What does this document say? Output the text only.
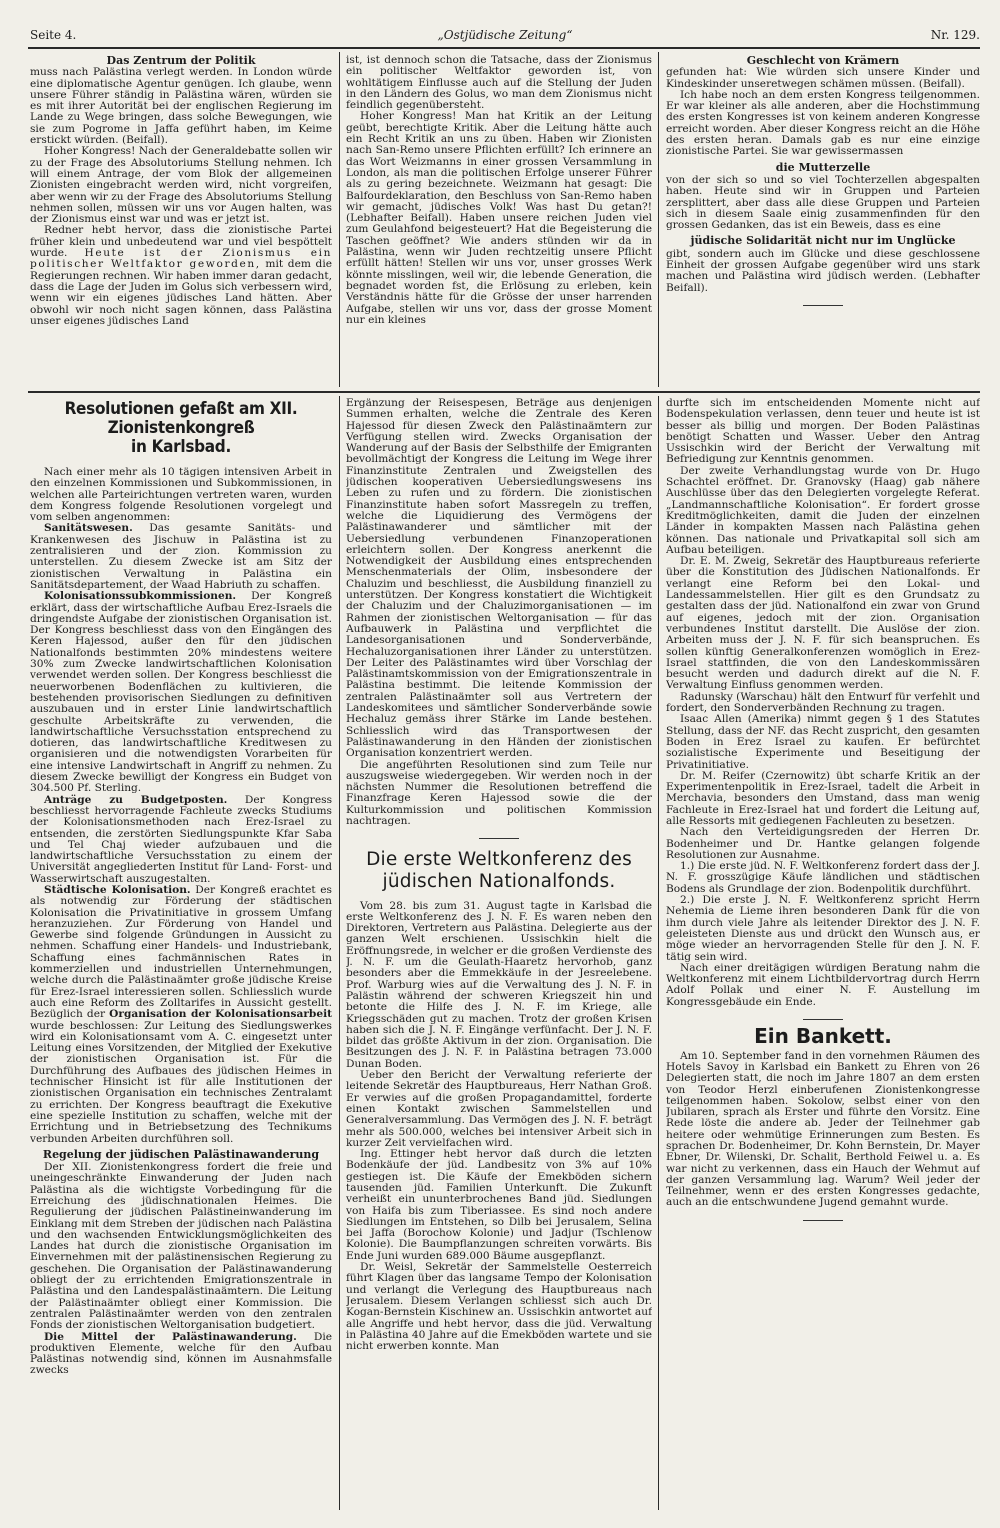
Seite 4.	„Ostjüdische Zeitung“	Nr. 129.
Das Zentrum der Politik

muss nach Palästina verlegt werden. In London würde eine diplomatische Agentur genügen. Ich glaube, wenn unsere Führer ständig in Palästina wären, würden sie es mit ihrer Autorität bei der englischen Regierung im Lande zu Wege bringen, dass solche Bewegungen, wie sie zum Pogrome in Jaffa geführt haben, im Keime erstickt würden. (Beifall).

Hoher Kongress! Nach der Generaldebatte sollen wir zu der Frage des Absolutoriums Stellung nehmen. Ich will einem Antrage, der vom Blok der allgemeinen Zionisten eingebracht werden wird, nicht vorgreifen, aber wenn wir zu der Frage des Absolutoriums Stellung nehmen sollen, müssen wir uns vor Augen halten, was der Zionismus einst war und was er jetzt ist.

Redner hebt hervor, dass die zionistische Partei früher klein und unbedeutend war und viel bespöttelt wurde. Heute ist der Zionismus ein politischer Weltfaktor geworden, mit dem die Regierungen rechnen. Wir haben immer daran gedacht, dass die Lage der Juden im Golus sich verbessern wird, wenn wir ein eigenes jüdisches Land hätten. Aber obwohl wir noch nicht sagen können, dass Palästina unser eigenes jüdisches Land

ist, ist dennoch schon die Tatsache, dass der Zionismus ein politischer Weltfaktor geworden ist, von wohltätigem Einflusse auch auf die Stellung der Juden in den Ländern des Golus, wo man dem Zionismus nicht feindlich gegenübersteht.

Hoher Kongress! Man hat Kritik an der Leitung geübt, berechtigte Kritik. Aber die Leitung hätte auch ein Recht Kritik an uns zu üben. Haben wir Zionisten nach San-Remo unsere Pflichten erfüllt? Ich erinnere an das Wort Weizmanns in einer grossen Versammlung in London, als man die politischen Erfolge unserer Führer als zu gering bezeichnete. Weizmann hat gesagt: Die Balfourdeklaration, den Beschluss von San-Remo haben wir gemacht, jüdisches Volk! Was hast Du getan?! (Lebhafter Beifall). Haben unsere reichen Juden viel zum Geulahfond beigesteuert? Hat die Begeisterung die Taschen geöffnet? Wie anders stünden wir da in Palästina, wenn wir Juden rechtzeitig unsere Pflicht erfüllt hätten! Stellen wir uns vor, unser grosses Werk könnte misslingen, weil wir, die lebende Generation, die begnadet worden fst, die Erlösung zu erleben, kein Verständnis hätte für die Grösse der unser harrenden Aufgabe, stellen wir uns vor, dass der grosse Moment nur ein kleines

Geschlecht von Krämern

gefunden hat: Wie würden sich unsere Kinder und Kindeskinder unseretwegen schämen müssen. (Beifall).

Ich habe noch an dem ersten Kongress teilgenommen. Er war kleiner als alle anderen, aber die Hochstimmung des ersten Kongresses ist von keinem anderen Kongresse erreicht worden. Aber dieser Kongress reicht an die Höhe des ersten heran. Damals gab es nur eine einzige zionistische Partei. Sie war gewissermassen

die Mutterzelle

von der sich so und so viel Tochterzellen abgespalten haben. Heute sind wir in Gruppen und Parteien zersplittert, aber dass alle diese Gruppen und Parteien sich in diesem Saale einig zusammenfinden für den grossen Gedanken, das ist ein Beweis, dass es eine

jüdische Solidarität nicht nur im Unglücke

gibt, sondern auch im Glücke und diese geschlossene Einheit der grossen Aufgabe gegenüber wird uns stark machen und Palästina wird jüdisch werden. (Lebhafter Beifall).

Resolutionen gefaßt am XII. Zionistenkongreß
in Karlsbad.

Nach einer mehr als 10 tägigen intensiven Arbeit in den einzelnen Kommissionen und Subkommissionen, in welchen alle Parteirichtungen vertreten waren, wurden dem Kongress folgende Resolutionen vorgelegt und vom selben angenommen:

Sanitätswesen. Das gesamte Sanitäts- und Krankenwesen des Jischuw in Palästina ist zu zentralisieren und der zion. Kommission zu unterstellen. Zu diesem Zwecke ist am Sitz der zionistischen Verwaltung in Palästina ein Sanitätsdepartement, der Waad Habriuth zu schaffen.

Kolonisationssubkommissionen. Der Kongreß erklärt, dass der wirtschaftliche Aufbau Erez-Israels die dringendste Aufgabe der zionistischen Organisation ist. Der Kongress beschliesst dass von den Eingängen des Keren Hajessod, außer den für den jüdischen Nationalfonds bestimmten 20% mindestens weitere 30% zum Zwecke landwirtschaftlichen Kolonisation verwendet werden sollen. Der Kongress beschliesst die neuerworbenen Bodenflächen zu kultivieren, die bestehenden provisorischen Siedlungen zu definitiven auszubauen und in erster Linie landwirtschaftlich geschulte Arbeitskräfte zu verwenden, die landwirtschaftliche Versuchsstation entsprechend zu dotieren, das landwirtschaftliche Kreditwesen zu organisieren und die notwendigsten Vorarbeiten für eine intensive Landwirtschaft in Angriff zu nehmen. Zu diesem Zwecke bewilligt der Kongress ein Budget von 304.500 Pf. Sterling.

Anträge zu Budgetposten. Der Kongress beschliesst hervorragende Fachleute zwecks Studiums der Kolonisationsmethoden nach Erez-Israel zu entsenden, die zerstörten Siedlungspunkte Kfar Saba und Tel Chaj wieder aufzubauen und die landwirtschaftliche Versuchsstation zu einem der Universität angegliederten Institut für Land- Forst- und Wasserwirtschaft auszugestalten.

Städtische Kolonisation. Der Kongreß erachtet es als notwendig zur Förderung der städtischen Kolonisation die Privatinitiative in grossem Umfang heranzuziehen. Zur Förderung von Handel und Gewerbe sind folgende Gründungen in Aussicht zu nehmen. Schaffung einer Handels- und Industriebank, Schaffung eines fachmännischen Rates in kommerziellen und industriellen Unternehmungen, welche durch die Palästinaämter große jüdische Kreise für Erez-Israel interessieren sollen. Schliesslich wurde auch eine Reform des Zolltarifes in Aussicht gestellt. Bezüglich der Organisation der Kolonisationsarbeit wurde beschlossen: Zur Leitung des Siedlungswerkes wird ein Kolonisationsamt vom A. C. eingesetzt unter Leitung eines Vorsitzenden, der Mitglied der Exekutive der zionistischen Organisation ist. Für die Durchführung des Aufbaues des jüdischen Heimes in technischer Hinsicht ist für alle Institutionen der zionistischen Organisation ein technisches Zentralamt zu errichten. Der Kongress beauftragt die Exekutive eine spezielle Institution zu schaffen, welche mit der Errichtung und in Betriebsetzung des Technikums verbunden Arbeiten durchführen soll.

Regelung der jüdischen Palästinawanderung

Der XII. Zionistenkongress fordert die freie und uneingeschränkte Einwanderung der Juden nach Palästina als die wichtigste Vorbedingung für die Erreichung des jüdischnationalen Heimes. Die Regulierung der jüdischen Palästineinwanderung im Einklang mit dem Streben der jüdischen nach Palästina und den wachsenden Entwicklungsmöglichkeiten des Landes hat durch die zionistische Organisation im Einvernehmen mit der palästinensischen Regierung zu geschehen. Die Organisation der Palästinawanderung obliegt der zu errichtenden Emigrationszentrale in Palästina und den Landespalästinaämtern. Die Leitung der Palästinaämter obliegt einer Kommission. Die zentralen Palästinaämter werden von den zentralen Fonds der zionistischen Weltorganisation budgetiert.

Die Mittel der Palästinawanderung. Die produktiven Elemente, welche für den Aufbau Palästinas notwendig sind, können im Ausnahmsfalle zwecks

Ergänzung der Reisespesen, Beträge aus denjenigen Summen erhalten, welche die Zentrale des Keren Hajessod für diesen Zweck den Palästinaämtern zur Verfügung stellen wird. Zwecks Organisation der Wanderung auf der Basis der Selbsthilfe der Emigranten bevollmächtigt der Kongress die Leitung im Wege ihrer Finanzinstitute Zentralen und Zweigstellen des jüdischen kooperativen Uebersiedlungswesens ins Leben zu rufen und zu fördern. Die zionistischen Finanzinstitute haben sofort Massregeln zu treffen, welche die Liquidierung des Vermögens der Palästinawanderer und sämtlicher mit der Uebersiedlung verbundenen Finanzoperationen erleichtern sollen. Der Kongress anerkennt die Notwendigkeit der Ausbildung eines entsprechenden Menschenmaterials der Olim, insbesondere der Chaluzim und beschliesst, die Ausbildung finanziell zu unterstützen. Der Kongress konstatiert die Wichtigkeit der Chaluzim und der Chaluzimorganisationen — im Rahmen der zionistischen Weltorganisation — für das Aufbauwerk in Palästina und verpflichtet die Landesorganisationen und Sonderverbände, Hechaluzorganisationen ihrer Länder zu unterstützen. Der Leiter des Palästinamtes wird über Vorschlag der Palästinamtskommission von der Emigrationszentrale in Palästina bestimmt. Die leitende Kommission der zentralen Palästinaämter soll aus Vertretern der Landeskomitees und sämtlicher Sonderverbände sowie Hechaluz gemäss ihrer Stärke im Lande bestehen. Schliesslich wird das Transportwesen der Palästinawanderung in den Händen der zionistischen Organisation konzentriert werden.

Die angeführten Resolutionen sind zum Teile nur auszugsweise wiedergegeben. Wir werden noch in der nächsten Nummer die Resolutionen betreffend die Finanzfrage Keren Hajessod sowie die der Kulturkommission und politischen Kommission nachtragen.

Die erste Weltkonferenz des
jüdischen Nationalfonds.

Vom 28. bis zum 31. August tagte in Karlsbad die erste Weltkonferenz des J. N. F. Es waren neben den Direktoren, Vertretern aus Palästina. Delegierte aus der ganzen Welt erschienen. Ussischkin hielt die Eröffnungsrede, in welcher er die großen Verdienste des J. N. F. um die Geulath-Haaretz hervorhob, ganz besonders aber die Emmekkäufe in der Jesreelebene. Prof. Warburg wies auf die Verwaltung des J. N. F. in Palästin während der schweren Kriegszeit hin und betonte die Hilfe des J. N. F. im Kriege, alle Kriegsschäden gut zu machen. Trotz der großen Krisen haben sich die J. N. F. Eingänge verfünfacht. Der J. N. F. bildet das größte Aktivum in der zion. Organisation. Die Besitzungen des J. N. F. in Palästina betragen 73.000 Dunan Boden.

Ueber den Bericht der Verwaltung referierte der leitende Sekretär des Hauptbureaus, Herr Nathan Groß. Er verwies auf die großen Propagandamittel, forderte einen Kontakt zwischen Sammelstellen und Generalversammlung. Das Vermögen des J. N. F. beträgt mehr als 500.000, welches bei intensiver Arbeit sich in kurzer Zeit vervielfachen wird.

Ing. Ettinger hebt hervor daß durch die letzten Bodenkäufe der jüd. Landbesitz von 3% auf 10% gestiegen ist. Die Käufe der Emekböden sichern tausenden jüd. Familien Unterkunft. Die Zukunft verheißt ein ununterbrochenes Band jüd. Siedlungen von Haifa bis zum Tiberiassee. Es sind noch andere Siedlungen im Entstehen, so Dilb bei Jerusalem, Selina bei Jaffa (Borochow Kolonie) und Jadjur (Tschlenow Kolonie). Die Baumpflanzungen schreiten vorwärts. Bis Ende Juni wurden 689.000 Bäume ausgepflanzt.

Dr. Weisl, Sekretär der Sammelstelle Oesterreich führt Klagen über das langsame Tempo der Kolonisation und verlangt die Verlegung des Hauptbureaus nach Jerusalem. Diesem Verlangen schliesst sich auch Dr. Kogan-Bernstein Kischinew an. Ussischkin antwortet auf alle Angriffe und hebt hervor, dass die jüd. Verwaltung in Palästina 40 Jahre auf die Emekböden wartete und sie nicht erwerben konnte. Man

durfte sich im entscheidenden Momente nicht auf Bodenspekulation verlassen, denn teuer und heute ist ist besser als billig und morgen. Der Boden Palästinas benötigt Schatten und Wasser. Ueber den Antrag Ussischkin wird der Bericht der Verwaltung mit Befriedigung zur Kenntnis genommen.

Der zweite Verhandlungstag wurde von Dr. Hugo Schachtel eröffnet. Dr. Granovsky (Haag) gab nähere Auschlüsse über das den Delegierten vorgelegte Referat. „Landmannschaftliche Kolonisation“. Er fordert grosse Kreditmöglichkeiten, damit die Juden der einzelnen Länder in kompakten Massen nach Palästina gehen können. Das nationale und Privatkapital soll sich am Aufbau beteiligen.

Dr. E. M. Zweig, Sekretär des Hauptbureaus referierte über die Konstitution des Jüdischen Nationalfonds. Er verlangt eine Reform bei den Lokal- und Landessammelstellen. Hier gilt es den Grundsatz zu gestalten dass der jüd. Nationalfond ein zwar von Grund auf eigenes, jedoch mit der zion. Organisation verbundenes Institut darstellt. Die Auslöse der zion. Arbeiten muss der J. N. F. für sich beanspruchen. Es sollen künftig Generalkonferenzen womöglich in Erez-Israel stattfinden, die von den Landeskommissären besucht werden und dadurch direkt auf die N. F. Verwaltung Einfluss genommen werden.

Radunsky (Warschau) hält den Entwurf für verfehlt und fordert, den Sonderverbänden Rechnung zu tragen.

Isaac Allen (Amerika) nimmt gegen § 1 des Statutes Stellung, dass der NF. das Recht zuspricht, den gesamten Boden in Erez Israel zu kaufen. Er befürchtet sozialistische Experimente und Beseitigung der Privatinitiative.

Dr. M. Reifer (Czernowitz) übt scharfe Kritik an der Experimentenpolitik in Erez-Israel, tadelt die Arbeit in Merchavia, besonders den Umstand, dass man wenig Fachleute in Erez-Israel hat und fordert die Leitung auf, alle Ressorts mit gediegenen Fachleuten zu besetzen.

Nach den Verteidigungsreden der Herren Dr. Bodenheimer und Dr. Hantke gelangen folgende Resolutionen zur Ausnahme.

1.) Die erste jüd. N. F. Weltkonferenz fordert dass der J. N. F. grosszügige Käufe ländlichen und städtischen Bodens als Grundlage der zion. Bodenpolitik durchführt.

2.) Die erste J. N. F. Weltkonferenz spricht Herrn Nehemia de Lieme ihren besonderen Dank für die von ihm durch viele Jahre als leitender Direktor des J. N. F. geleisteten Dienste aus und drückt den Wunsch aus, er möge wieder an hervorragenden Stelle für den J. N. F. tätig sein wird.

Nach einer dreitägigen würdigen Beratung nahm die Weltkonferenz mit einem Lichtbildervortrag durch Herrn Adolf Pollak und einer N. F. Austellung im Kongressgebäude ein Ende.

Ein Bankett.

Am 10. September fand in den vornehmen Räumen des Hotels Savoy in Karlsbad ein Bankett zu Ehren von 26 Delegierten statt, die noch im Jahre 1807 an dem ersten von Teodor Herzl einberufenen Zionistenkongresse teilgenommen haben. Sokolow, selbst einer von den Jubilaren, sprach als Erster und führte den Vorsitz. Eine Rede löste die andere ab. Jeder der Teilnehmer gab heitere oder wehmütige Erinnerungen zum Besten. Es sprachen Dr. Bodenheimer, Dr. Kohn Bernstein, Dr. Mayer Ebner, Dr. Wilenski, Dr. Schalit, Berthold Feiwel u. a. Es war nicht zu verkennen, dass ein Hauch der Wehmut auf der ganzen Versammlung lag. Warum? Weil jeder der Teilnehmer, wenn er des ersten Kongresses gedachte, auch an die entschwundene Jugend gemahnt wurde.
